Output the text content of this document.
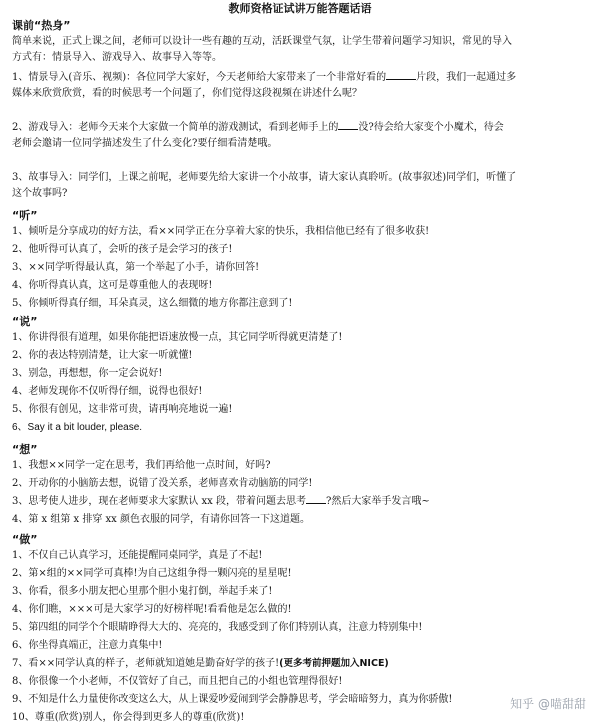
教师资格证试讲万能答题话语
课前“热身”
简单来说，正式上课之间，老师可以设计一些有趣的互动，活跃课堂气氛，让学生带着问题学习知识，常见的导入
方式有：情景导入、游戏导入、故事导入等等。
1、情景导入(音乐、视频)：各位同学大家好，今天老师给大家带来了一个非常好看的	片段，我们一起通过多
媒体来欣赏欣赏，看的时候思考一个问题了，你们觉得这段视频在讲述什么呢？
2、游戏导入：老师今天来个大家做一个简单的游戏测试，看到老师手上的 没?待会给大家变个小魔术，待会
老师会邀请一位同学描述发生了什么变化?要仔细看清楚哦。
3、故事导入：同学们，上课之前呢，老师要先给大家讲一个小故事，请大家认真聆听。(故事叙述)同学们，听懂了
这个故事吗?
“听”
1、倾听是分享成功的好方法，看××同学正在分享着大家的快乐，我相信他已经有了很多收获!
2、他听得可认真了，会听的孩子是会学习的孩子!
3、××同学听得最认真，第一个举起了小手，请你回答!
4、你听得真认真，这可是尊重他人的表现呀!
5、你倾听得真仔细，耳朵真灵，这么细微的地方你都注意到了!
“说”
1、你讲得很有道理，如果你能把语速放慢一点，其它同学听得就更清楚了!
2、你的表达特别清楚，让大家一听就懂!
3、别急，再想想，你一定会说好!
4、老师发现你不仅听得仔细，说得也很好!
5、你很有创见，这非常可贵，请再响亮地说一遍!
6、Say it a bit louder, please.
“想”
1、我想××同学一定在思考，我们再给他一点时间，好吗?
2、开动你的小脑筋去想，说错了没关系，老师喜欢肯动脑筋的同学!
3、思考使人进步，现在老师要求大家默认 xx 段，带着问题去思考 ?然后大家举手发言哦~
4、第 x 组第 x 排穿 xx 颜色衣服的同学，有请你回答一下这道题。
“做”
1、不仅自己认真学习，还能提醒同桌同学，真是了不起!
2、第×组的××同学可真棒!为自己这组争得一颗闪亮的星星呢!
3、你看，很多小朋友把心里那个胆小鬼打倒，举起手来了!
4、你们瞧，×××可是大家学习的好榜样呢!看看他是怎么做的!
5、第四组的同学个个眼睛睁得大大的、亮亮的，我感受到了你们特别认真，注意力特别集中!
6、你坐得真端正，注意力真集中!
7、看××同学认真的样子，老师就知道她是勤奋好学的孩子!(更多考前押题加入NICE)
8、你很像一个小老师，不仅管好了自己，而且把自己的小组也管理得很好!
9、不知是什么力量使你改变这么大，从上课爱吵爱闹到学会静静思考，学会暗暗努力，真为你骄傲!
10、尊重(欣赏)别人，你会得到更多人的尊重(欣赏)!
知乎 @喵甜甜
